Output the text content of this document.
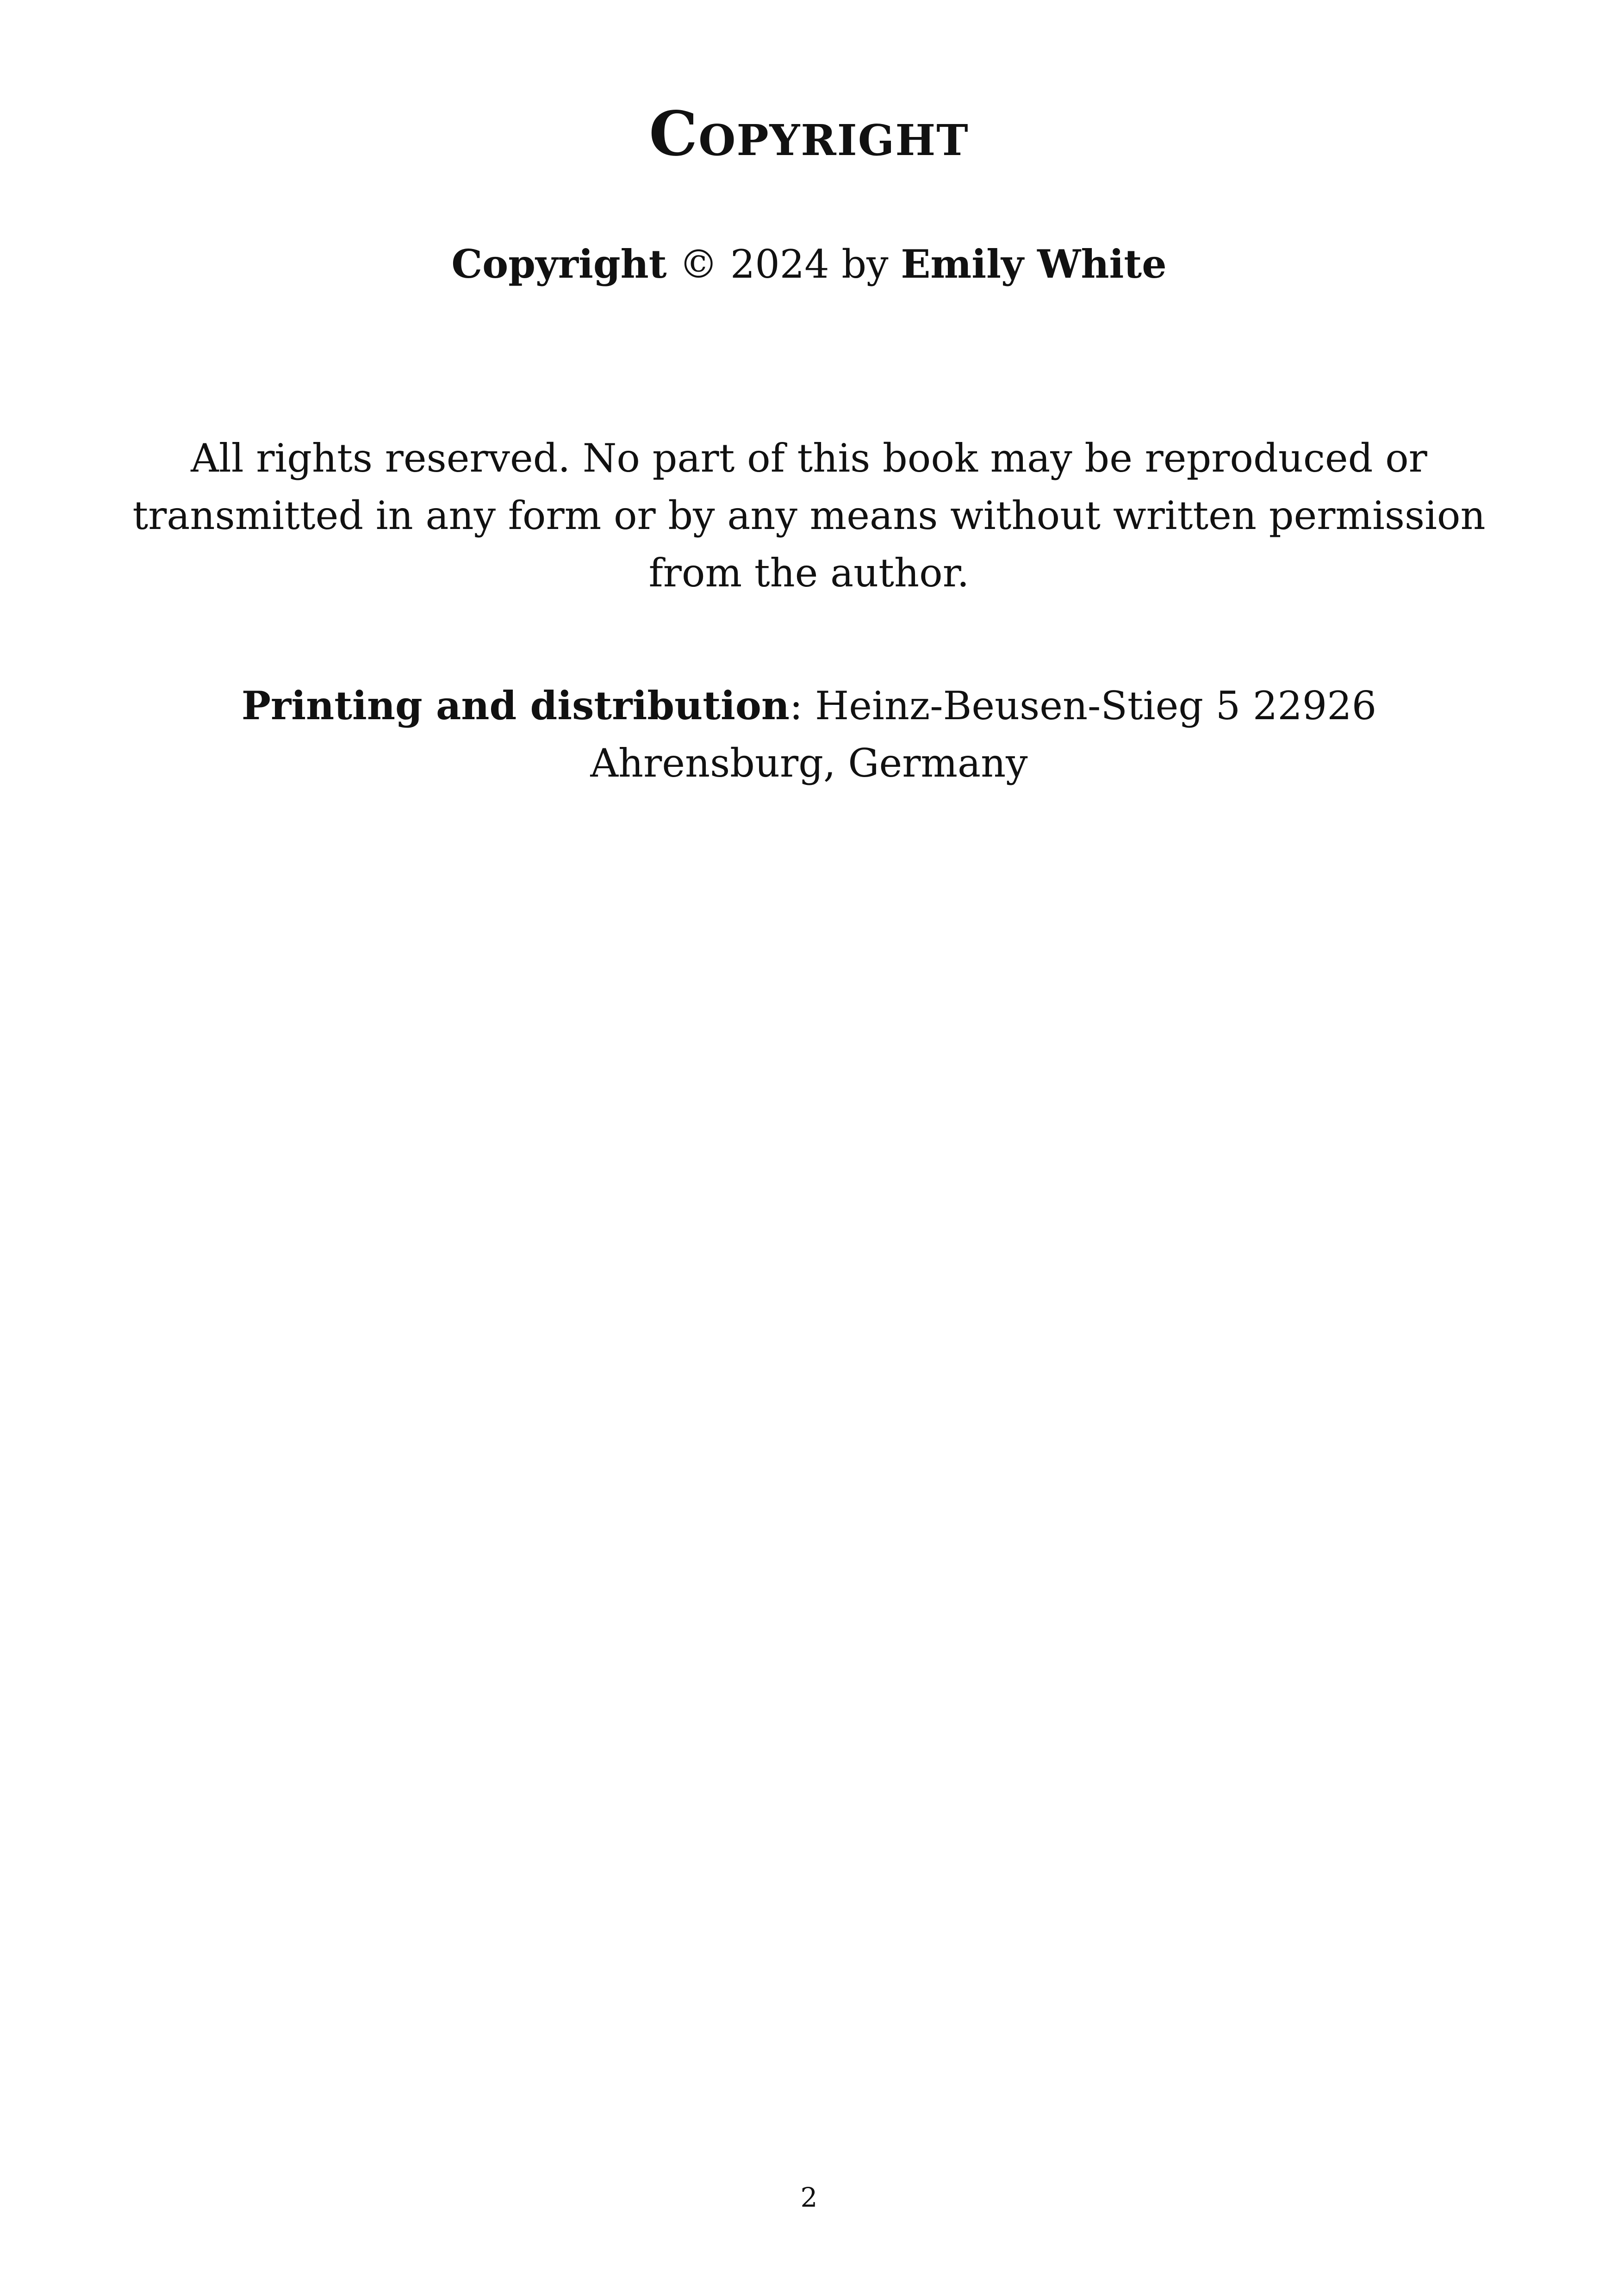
Copyright
Copyright © 2024 by Emily White
All rights reserved. No part of this book may be reproduced or transmitted in any form or by any means without written permission from the author.
Printing and distribution: Heinz-Beusen-Stieg 5 22926 Ahrensburg, Germany
2
